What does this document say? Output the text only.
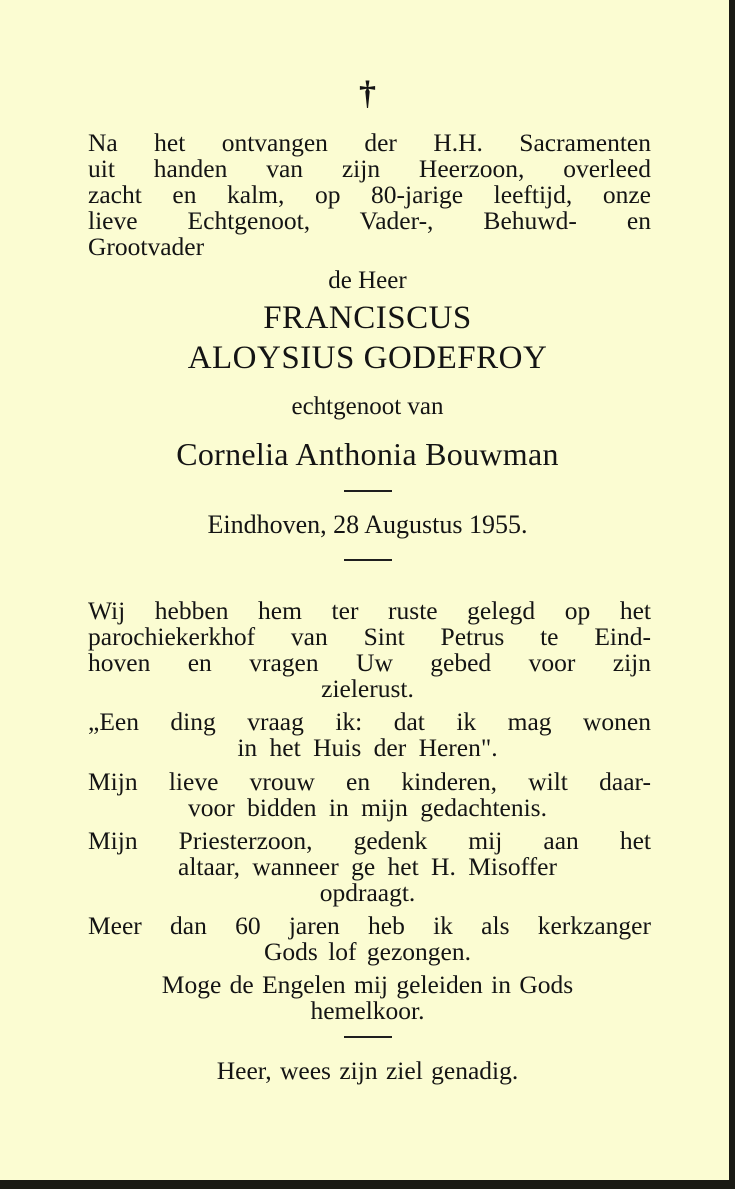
†
Na het ontvangen der H.H. Sacramenten
uit handen van zijn Heerzoon, overleed
zacht en kalm, op 80-jarige leeftijd, onze
lieve Echtgenoot, Vader-, Behuwd- en
Grootvader
de Heer
FRANCISCUS
ALOYSIUS GODEFROY
echtgenoot van
Cornelia Anthonia Bouwman
Eindhoven, 28 Augustus 1955.
Wij hebben hem ter ruste gelegd op het
parochiekerkhof van Sint Petrus te Eind-
hoven en vragen Uw gebed voor zijn
zielerust.
„Een ding vraag ik: dat ik mag wonen
in het Huis der Heren".
Mijn lieve vrouw en kinderen, wilt daar-
voor bidden in mijn gedachtenis.
Mijn Priesterzoon, gedenk mij aan het
altaar, wanneer ge het H. Misoffer
opdraagt.
Meer dan 60 jaren heb ik als kerkzanger
Gods lof gezongen.
Moge de Engelen mij geleiden in Gods
hemelkoor.
Heer, wees zijn ziel genadig.
